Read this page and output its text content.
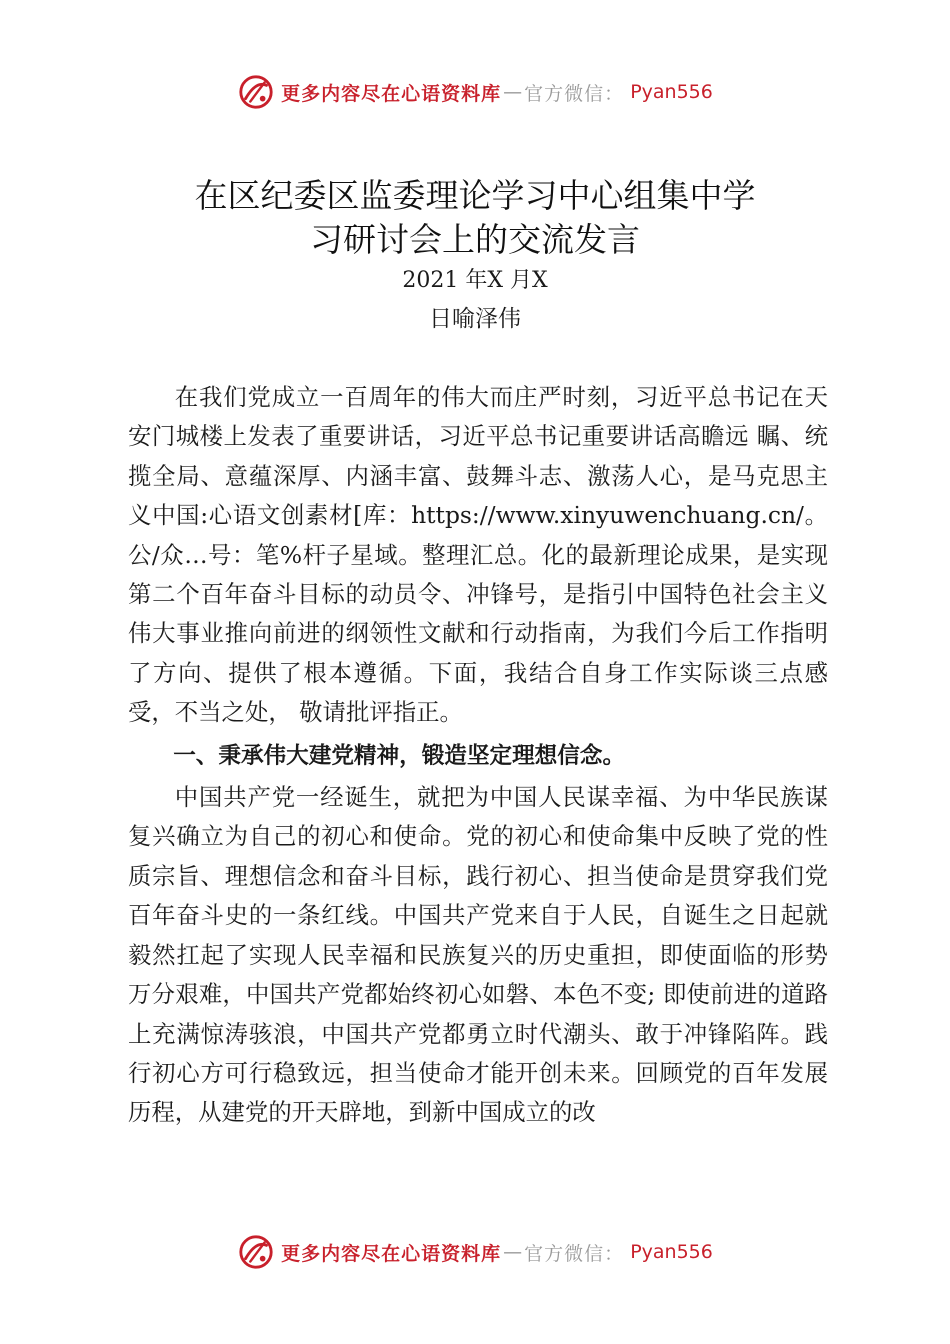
更多内容尽在心语资料库 — 官方微信： Pyan556
在区纪委区监委理论学习中心组集中学
习研讨会上的交流发言
2021 年X 月X
日喻泽伟

在我们党成立一百周年的伟大而庄严时刻，习近平总书记在天安门城楼上发表了重要讲话，习近平总书记重要讲话高瞻远 瞩、统揽全局、意蕴深厚、内涵丰富、鼓舞斗志、激荡人心，是马克思主义中国:心语文创素材[库：https://www.xinyuwenchuang.cn/。公/众…号：笔%杆子星域。整理汇总。化的最新理论成果，是实现第二个百年奋斗目标的动员令、冲锋号，是指引中国特色社会主义伟大事业推向前进的纲领性文献和行动指南，为我们今后工作指明了方向、提供了根本遵循。下面，我结合自身工作实际谈三点感受，不当之处， 敬请批评指正。

一、秉承伟大建党精神，锻造坚定理想信念。

中国共产党一经诞生，就把为中国人民谋幸福、为中华民族谋复兴确立为自己的初心和使命。党的初心和使命集中反映了党的性质宗旨、理想信念和奋斗目标，践行初心、担当使命是贯穿我们党百年奋斗史的一条红线。中国共产党来自于人民，自诞生之日起就毅然扛起了实现人民幸福和民族复兴的历史重担，即使面临的形势万分艰难，中国共产党都始终初心如磐、本色不变; 即使前进的道路上充满惊涛骇浪，中国共产党都勇立时代潮头、敢于冲锋陷阵。践行初心方可行稳致远，担当使命才能开创未来。回顾党的百年发展历程，从建党的开天辟地，到新中国成立的改

更多内容尽在心语资料库 — 官方微信： Pyan556
